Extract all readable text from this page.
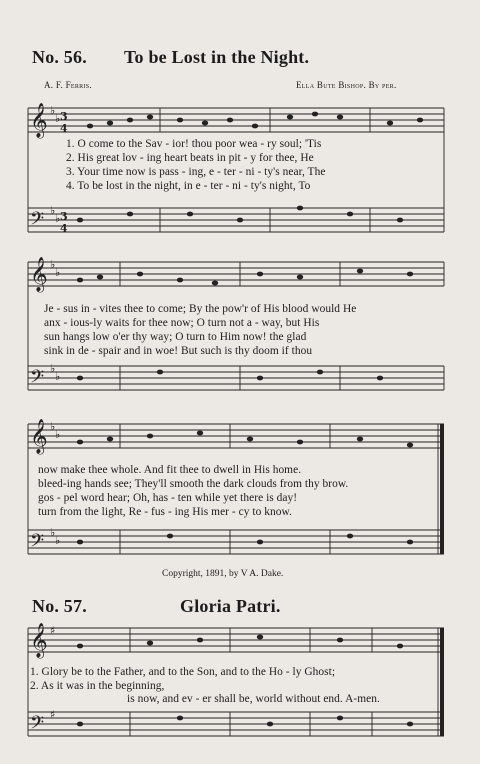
𝄞
𝄢
𝄞
𝄢
𝄞
𝄢
𝄞
𝄢
3
4
3
4
♭
♭
♭
♭
♭
♭
♭
♭
♭
♭
♭
♭
♯
♯
No. 56. To be Lost in the Night.
A. F. Ferris.	Ella Bute Bishop. By per.
1. O come to the Sav - ior! thou poor wea - ry soul; 'Tis
2. His great lov - ing heart beats in pit - y for thee, He
3. Your time now is pass - ing, e - ter - ni - ty's near, The
4. To be lost in the night, in e - ter - ni - ty's night, To
Je - sus in - vites thee to come; By the pow'r of His blood would He
anx - ious-ly waits for thee now; O turn not a - way, but His
sun hangs low o'er thy way; O turn to Him now! the glad
sink in de - spair and in woe! But such is thy doom if thou
now make thee whole. And fit thee to dwell in His home.
bleed-ing hands see; They'll smooth the dark clouds from thy brow.
gos - pel word hear; Oh, has - ten while yet there is day!
turn from the light, Re - fus - ing His mer - cy to know.
Copyright, 1891, by V A. Dake.
No. 57.	Gloria Patri.
1. Glory be to the Father, and to the Son, and to the Ho - ly Ghost;
2. As it was in the beginning,
is now, and ev - er shall be, world without end. A-men.
